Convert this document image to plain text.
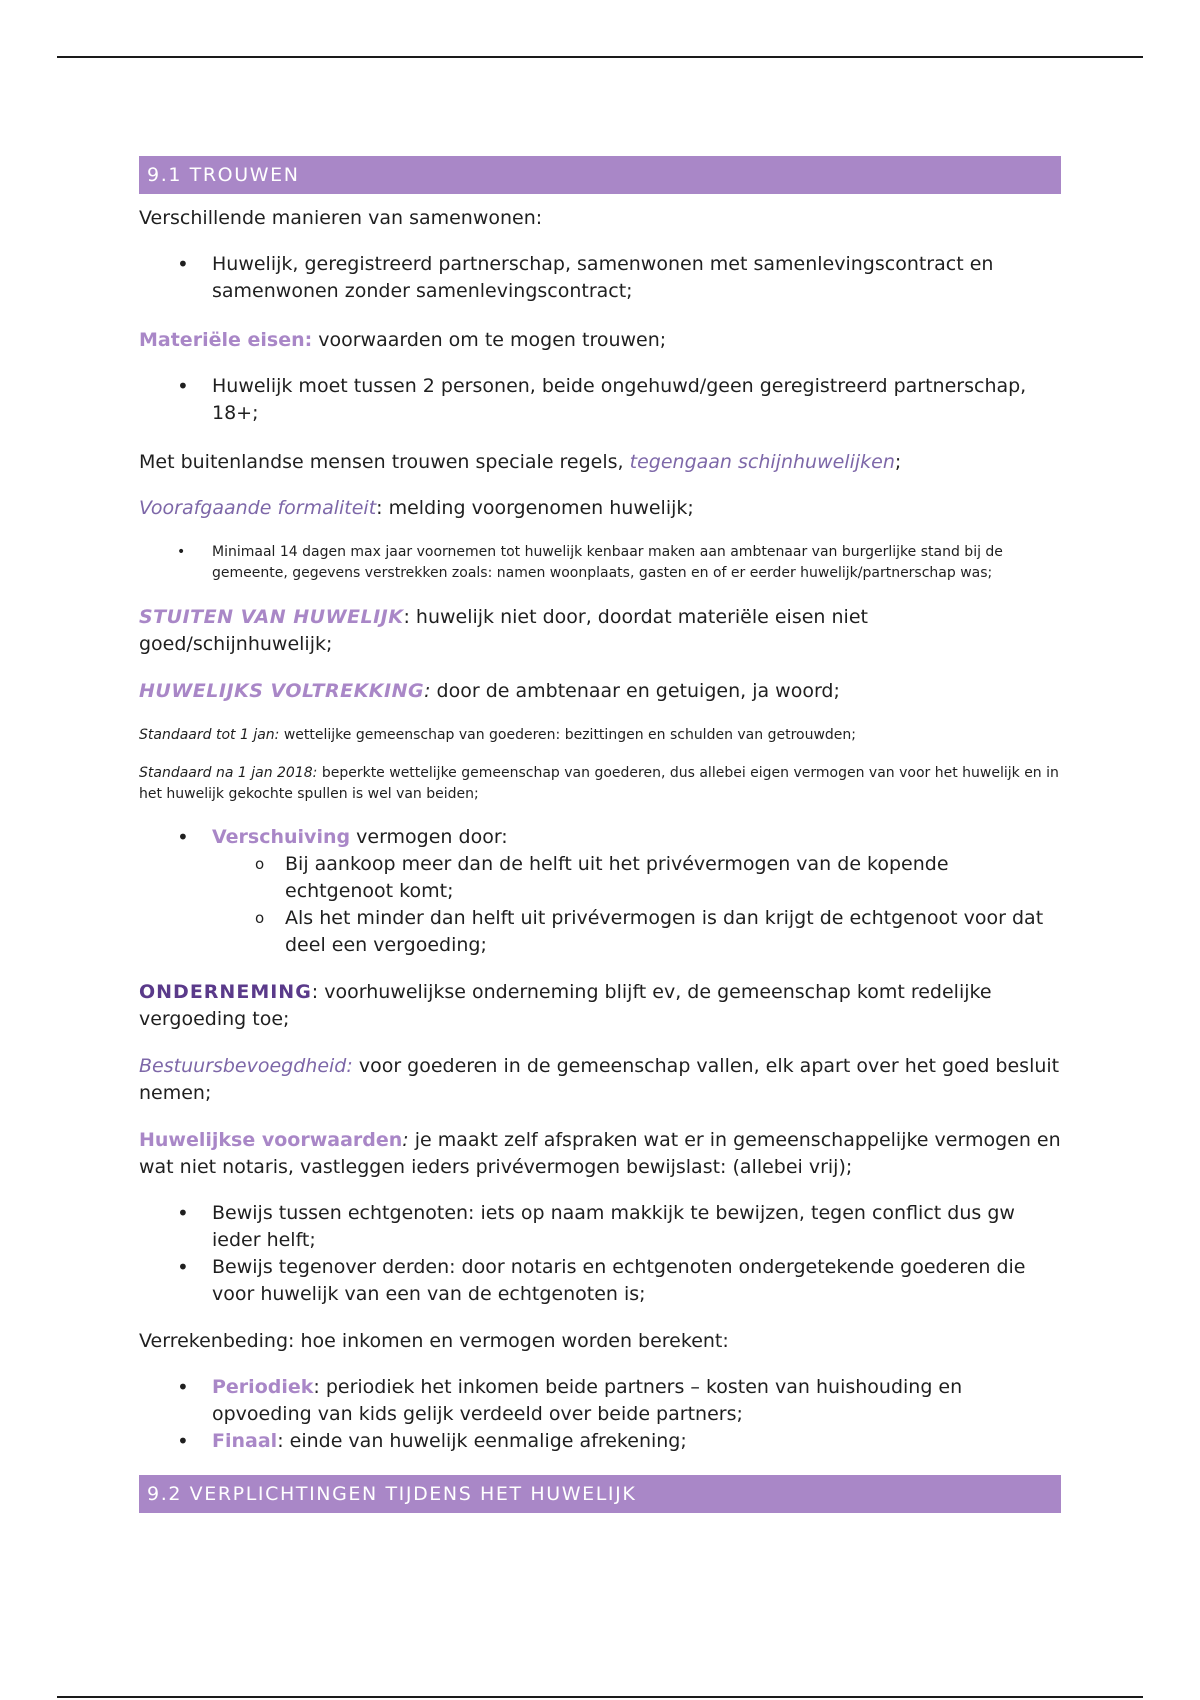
9.1 TROUWEN

Verschillende manieren van samenwonen:

• Huwelijk, geregistreerd partnerschap, samenwonen met samenlevingscontract en samenwonen zonder samenlevingscontract;

Materiële eisen: voorwaarden om te mogen trouwen;

• Huwelijk moet tussen 2 personen, beide ongehuwd/geen geregistreerd partnerschap, 18+;

Met buitenlandse mensen trouwen speciale regels, tegengaan schijnhuwelijken;

Voorafgaande formaliteit: melding voorgenomen huwelijk;

• Minimaal 14 dagen max jaar voornemen tot huwelijk kenbaar maken aan ambtenaar van burgerlijke stand bij de gemeente, gegevens verstrekken zoals: namen woonplaats, gasten en of er eerder huwelijk/partnerschap was;

STUITEN VAN HUWELIJK: huwelijk niet door, doordat materiële eisen niet goed/schijnhuwelijk;

HUWELIJKS VOLTREKKING: door de ambtenaar en getuigen, ja woord;

Standaard tot 1 jan: wettelijke gemeenschap van goederen: bezittingen en schulden van getrouwden;

Standaard na 1 jan 2018: beperkte wettelijke gemeenschap van goederen, dus allebei eigen vermogen van voor het huwelijk en in het huwelijk gekochte spullen is wel van beiden;

• Verschuiving vermogen door:
o Bij aankoop meer dan de helft uit het privévermogen van de kopende echtgenoot komt;
o Als het minder dan helft uit privévermogen is dan krijgt de echtgenoot voor dat deel een vergoeding;

ONDERNEMING: voorhuwelijkse onderneming blijft ev, de gemeenschap komt redelijke vergoeding toe;

Bestuursbevoegdheid: voor goederen in de gemeenschap vallen, elk apart over het goed besluit nemen;

Huwelijkse voorwaarden: je maakt zelf afspraken wat er in gemeenschappelijke vermogen en wat niet notaris, vastleggen ieders privévermogen bewijslast: (allebei vrij);

• Bewijs tussen echtgenoten: iets op naam makkijk te bewijzen, tegen conflict dus gw ieder helft;
• Bewijs tegenover derden: door notaris en echtgenoten ondergetekende goederen die voor huwelijk van een van de echtgenoten is;

Verrekenbeding: hoe inkomen en vermogen worden berekent:

• Periodiek: periodiek het inkomen beide partners – kosten van huishouding en opvoeding van kids gelijk verdeeld over beide partners;
• Finaal: einde van huwelijk eenmalige afrekening;
9.2 VERPLICHTINGEN TIJDENS HET HUWELIJK
